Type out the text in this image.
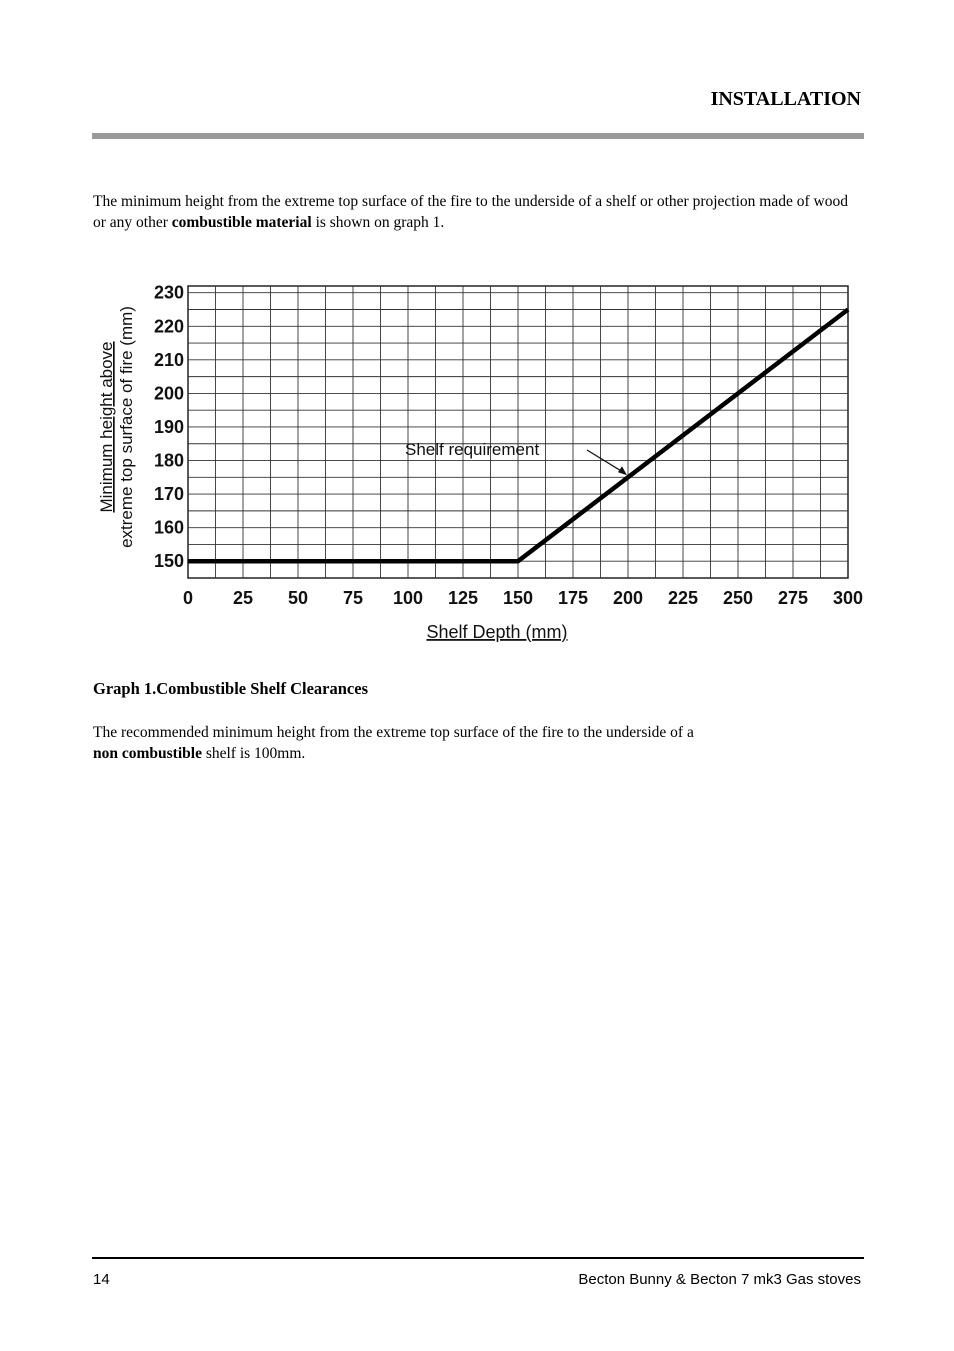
INSTALLATION

The minimum height from the extreme top surface of the fire to the underside of a shelf or other projection made of wood or any other combustible material is shown on graph 1.

0 25 50 75 100 125 150 175 200 225 250 275 300
150
160
170
180
190
200
210
220
230
Shelf requirement
Shelf Depth (mm)
Minimum height above extreme top surface of fire (mm)
Graph 1.Combustible Shelf Clearances

The recommended minimum height from the extreme top surface of the fire to the underside of a
non combustible shelf is 100mm.

14	Becton Bunny & Becton 7 mk3 Gas stoves
